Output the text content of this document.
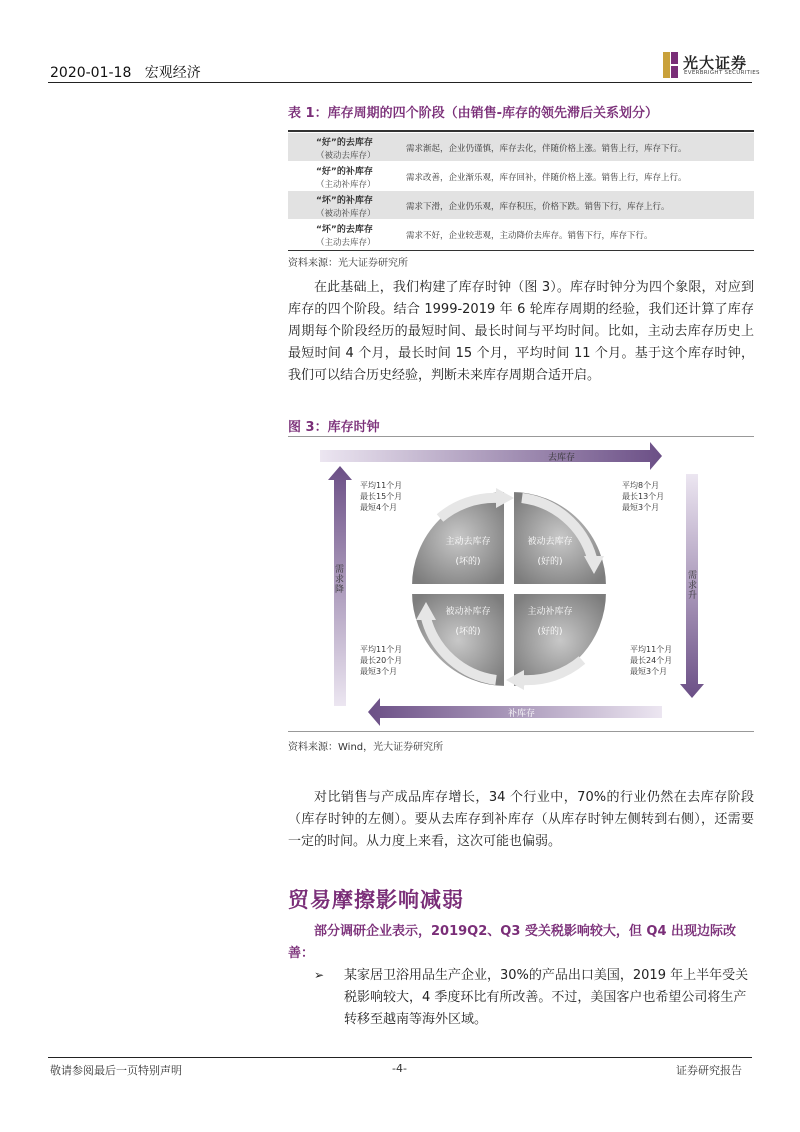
2020-01-18 宏观经济
光大证券
EVERBRIGHT SECURITIES
表 1：库存周期的四个阶段（由销售-库存的领先滞后关系划分）
“好”的去库存
（被动去库存）
需求渐起，企业仍谨慎，库存去化，伴随价格上涨。销售上行，库存下行。
“好”的补库存
（主动补库存）
需求改善，企业渐乐观，库存回补，伴随价格上涨。销售上行，库存上行。
“坏”的补库存
（被动补库存）
需求下滑，企业仍乐观，库存积压，价格下跌。销售下行，库存上行。
“坏”的去库存
（主动去库存）
需求不好，企业较悲观，主动降价去库存。销售下行，库存下行。
资料来源：光大证券研究所
在此基础上，我们构建了库存时钟（图 3）。库存时钟分为四个象限，对应到库存的四个阶段。结合 1999-2019 年 6 轮库存周期的经验，我们还计算了库存周期每个阶段经历的最短时间、最长时间与平均时间。比如，主动去库存历史上最短时间 4 个月，最长时间 15 个月，平均时间 11 个月。基于这个库存时钟，我们可以结合历史经验，判断未来库存周期合适开启。
图 3：库存时钟
去库存
补库存
需 求 降
需 求 升
主动去库存
(坏的)
被动去库存
(好的)
被动补库存
(坏的)
主动补库存
(好的)
平均11个月
最长15个月
最短4个月
平均8个月
最长13个月
最短3个月
平均11个月
最长20个月
最短3个月
平均11个月
最长24个月
最短3个月
资料来源：Wind，光大证券研究所
对比销售与产成品库存增长，34 个行业中，70%的行业仍然在去库存阶段（库存时钟的左侧）。要从去库存到补库存（从库存时钟左侧转到右侧），还需要一定的时间。从力度上来看，这次可能也偏弱。
贸易摩擦影响减弱
部分调研企业表示，2019Q2、Q3 受关税影响较大，但 Q4 出现边际改善：
➢ 某家居卫浴用品生产企业，30%的产品出口美国，2019 年上半年受关税影响较大，4 季度环比有所改善。不过，美国客户也希望公司将生产转移至越南等海外区域。
敬请参阅最后一页特别声明	-4-	证券研究报告
